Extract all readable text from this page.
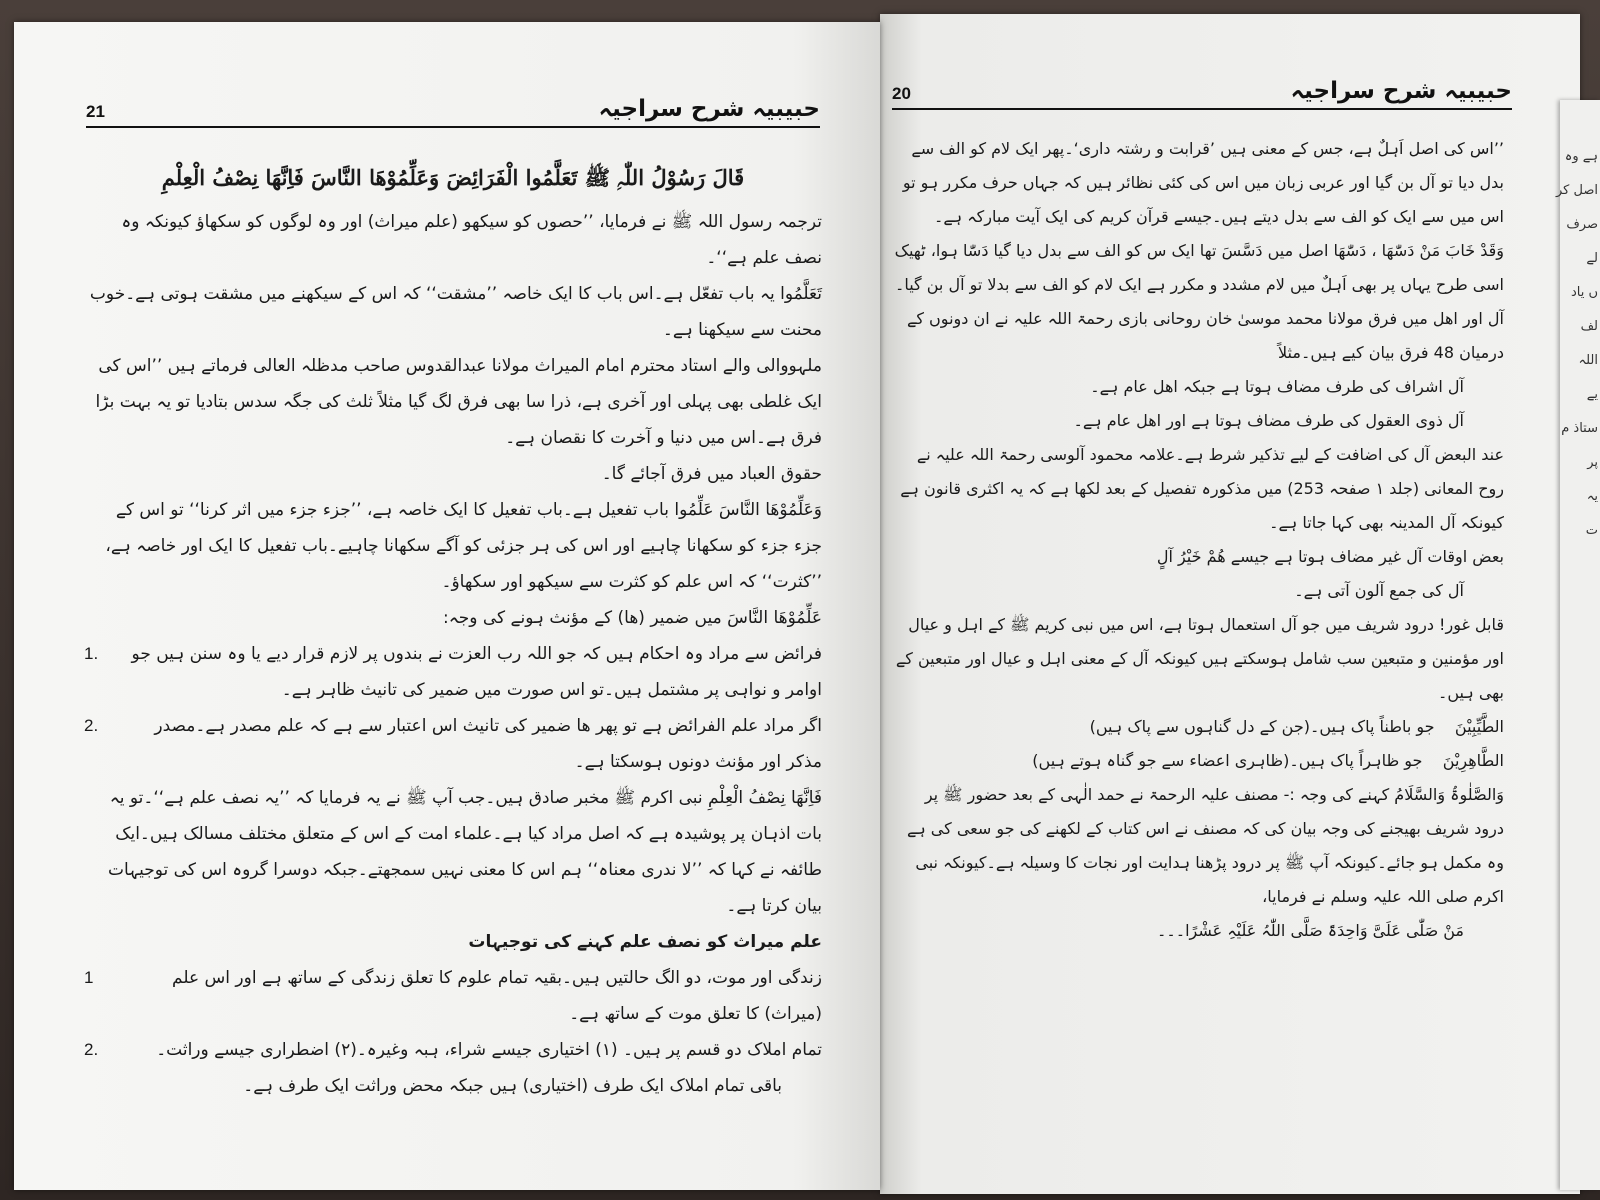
20	حبیبیہ شرح سراجیہ

’’اس کی اصل اَہلٌ ہے، جس کے معنی ہیں ’قرابت و رشتہ داری‘۔پھر ایک لام کو الف سے بدل دیا تو آل بن گیا اور عربی زبان میں اس کی کئی نظائر ہیں کہ جہاں حرف مکرر ہو تو اس میں سے ایک کو الف سے بدل دیتے ہیں۔جیسے قرآن کریم کی ایک آیت مبارکہ ہے۔

وَقَدْ خَابَ مَنْ دَسّٰھَا ، دَسّٰھَا اصل میں دَسَّسَ تھا ایک س کو الف سے بدل دیا گیا دَسّٰا ہوا، ٹھیک اسی طرح یہاں پر بھی اَہلٌ میں لام مشدد و مکرر ہے ایک لام کو الف سے بدلا تو آل بن گیا۔

آل اور اھل میں فرق مولانا محمد موسیٰ خان روحانی بازی رحمۃ اللہ علیہ نے ان دونوں کے درمیان 48 فرق بیان کیے ہیں۔مثلاً

آل اشراف کی طرف مضاف ہوتا ہے جبکہ اھل عام ہے۔

آل ذوی العقول کی طرف مضاف ہوتا ہے اور اھل عام ہے۔

عند البعض آل کی اضافت کے لیے تذکیر شرط ہے۔علامہ محمود آلوسی رحمۃ اللہ علیہ نے روح المعانی (جلد ۱ صفحہ 253) میں مذکورہ تفصیل کے بعد لکھا ہے کہ یہ اکثری قانون ہے کیونکہ آل المدینہ بھی کہا جاتا ہے۔

بعض اوقات آل غیر مضاف ہوتا ہے جیسے ھُمْ خَیْرُ آلٍ

آل کی جمع آلون آتی ہے۔

قابل غور! درود شریف میں جو آل استعمال ہوتا ہے، اس میں نبی کریم ﷺ کے اہل و عیال اور مؤمنین و متبعین سب شامل ہوسکتے ہیں کیونکہ آل کے معنی اہل و عیال اور متبعین کے بھی ہیں۔

الطَّیِّبِیْنَ    جو باطناً پاک ہیں۔(جن کے دل گناہوں سے پاک ہیں)

الطَّاھِرِیْنَ    جو ظاہراً پاک ہیں۔(ظاہری اعضاء سے جو گناہ ہوتے ہیں)

وَالصَّلٰوۃُ وَالسَّلَامُ کہنے کی وجہ :- مصنف علیہ الرحمۃ نے حمد الٰہی کے بعد حضور ﷺ پر درود شریف بھیجنے کی وجہ بیان کی کہ مصنف نے اس کتاب کے لکھنے کی جو سعی کی ہے وہ مکمل ہو جائے۔کیونکہ آپ ﷺ پر درود پڑھنا ہدایت اور نجات کا وسیلہ ہے۔کیونکہ نبی اکرم صلی اللہ علیہ وسلم نے فرمایا،

مَنْ صَلّٰی عَلَیَّ وَاحِدَۃً صَلَّی اللّٰہُ عَلَیْہِ عَشْرًا۔۔۔

ہے وہ
اصل کر
صرف
لے
ں یاد
لف
اللہ
یے
ستاذ م
پر
یہ
ت
21	حبیبیہ شرح سراجیہ

قَالَ رَسُوْلُ اللّٰہِ ﷺ تَعَلَّمُوا الْفَرَائِضَ وَعَلِّمُوْھَا النَّاسَ فَاِنَّھَا نِصْفُ الْعِلْمِ

ترجمہ رسول اللہ ﷺ نے فرمایا، ’’حصوں کو سیکھو (علم میراث) اور وہ لوگوں کو سکھاؤ کیونکہ وہ نصف علم ہے‘‘۔

تَعَلَّمُوا یہ باب تفعّل ہے۔اس باب کا ایک خاصہ ’’مشقت‘‘ کہ اس کے سیکھنے میں مشقت ہوتی ہے۔خوب محنت سے سیکھنا ہے۔

ملہووالی والے استاد محترم امام المیراث مولانا عبدالقدوس صاحب مدظلہ العالی فرماتے ہیں ’’اس کی ایک غلطی بھی پہلی اور آخری ہے، ذرا سا بھی فرق لگ گیا مثلاً ثلث کی جگہ سدس بتادیا تو یہ بہت بڑا فرق ہے۔اس میں دنیا و آخرت کا نقصان ہے۔

حقوق العباد میں فرق آجائے گا۔

وَعَلِّمُوْھَا النَّاسَ عَلِّمُوا باب تفعیل ہے۔باب تفعیل کا ایک خاصہ ہے، ’’جزء جزء میں اثر کرنا‘‘ تو اس کے جزء جزء کو سکھانا چاہیے اور اس کی ہر جزئی کو آگے سکھانا چاہیے۔باب تفعیل کا ایک اور خاصہ ہے، ’’کثرت‘‘ کہ اس علم کو کثرت سے سیکھو اور سکھاؤ۔

عَلِّمُوْھَا النَّاسَ میں ضمیر (ھا) کے مؤنث ہونے کی وجہ:

1.	فرائض سے مراد وہ احکام ہیں کہ جو اللہ رب العزت نے بندوں پر لازم قرار دیے یا وہ سنن ہیں جو اوامر و نواہی پر مشتمل ہیں۔تو اس صورت میں ضمیر کی تانیث ظاہر ہے۔

2.	اگر مراد علم الفرائض ہے تو پھر ھا ضمیر کی تانیث اس اعتبار سے ہے کہ علم مصدر ہے۔مصدر مذکر اور مؤنث دونوں ہوسکتا ہے۔

فَاِنَّھَا نِصْفُ الْعِلْمِ نبی اکرم ﷺ مخبر صادق ہیں۔جب آپ ﷺ نے یہ فرمایا کہ ’’یہ نصف علم ہے‘‘۔تو یہ بات اذہان پر پوشیدہ ہے کہ اصل مراد کیا ہے۔علماء امت کے اس کے متعلق مختلف مسالک ہیں۔ایک طائفہ نے کہا کہ ’’لا ندری معناہ‘‘ ہم اس کا معنی نہیں سمجھتے۔جبکہ دوسرا گروہ اس کی توجیہات بیان کرتا ہے۔

علم میراث کو نصف علم کہنے کی توجیہات

1	زندگی اور موت، دو الگ حالتیں ہیں۔بقیہ تمام علوم کا تعلق زندگی کے ساتھ ہے اور اس علم (میراث) کا تعلق موت کے ساتھ ہے۔

2.	تمام املاک دو قسم پر ہیں۔ (۱) اختیاری جیسے شراء، ہبہ وغیرہ۔(۲) اضطراری جیسے وراثت۔

باقی تمام املاک ایک طرف (اختیاری) ہیں جبکہ محض وراثت ایک طرف ہے۔
